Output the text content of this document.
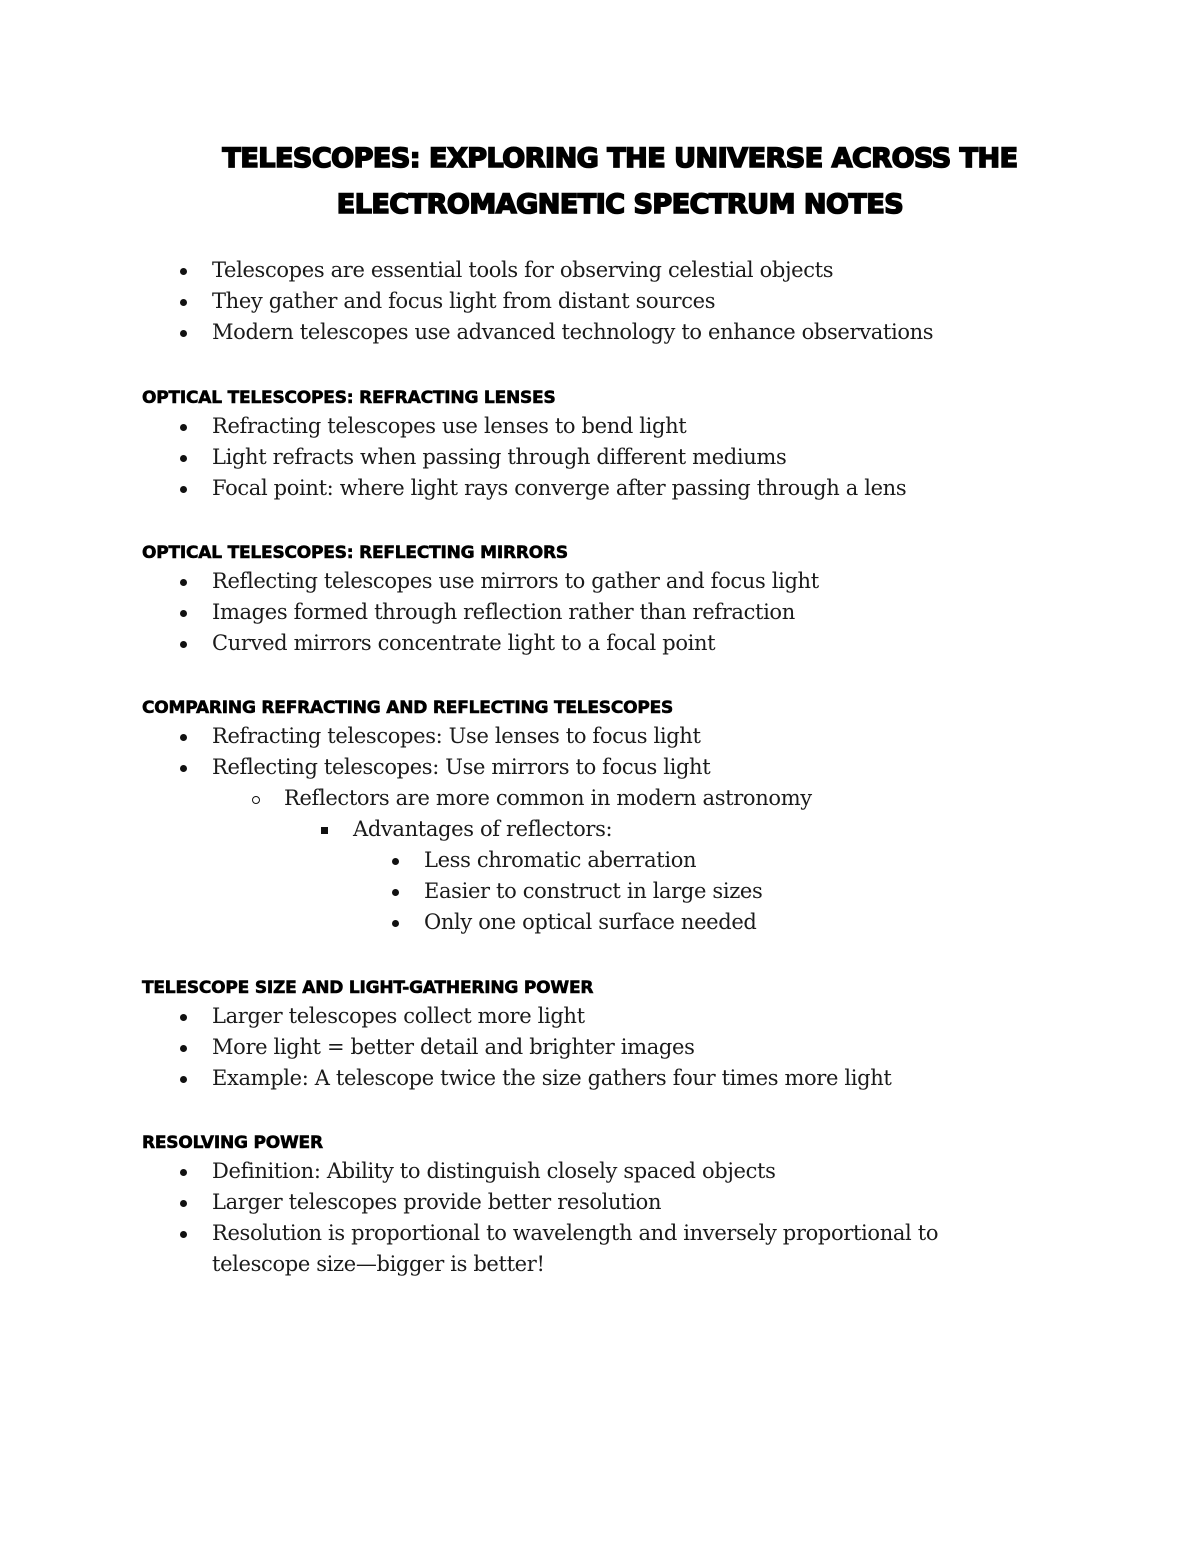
TELESCOPES: EXPLORING THE UNIVERSE ACROSS THE
ELECTROMAGNETIC SPECTRUM NOTES
Telescopes are essential tools for observing celestial objects
They gather and focus light from distant sources
Modern telescopes use advanced technology to enhance observations
OPTICAL TELESCOPES: REFRACTING LENSES
Refracting telescopes use lenses to bend light
Light refracts when passing through different mediums
Focal point: where light rays converge after passing through a lens
OPTICAL TELESCOPES: REFLECTING MIRRORS
Reflecting telescopes use mirrors to gather and focus light
Images formed through reflection rather than refraction
Curved mirrors concentrate light to a focal point
COMPARING REFRACTING AND REFLECTING TELESCOPES
Refracting telescopes: Use lenses to focus light
Reflecting telescopes: Use mirrors to focus light
Reflectors are more common in modern astronomy
Advantages of reflectors:
Less chromatic aberration
Easier to construct in large sizes
Only one optical surface needed
TELESCOPE SIZE AND LIGHT-GATHERING POWER
Larger telescopes collect more light
More light = better detail and brighter images
Example: A telescope twice the size gathers four times more light
RESOLVING POWER
Definition: Ability to distinguish closely spaced objects
Larger telescopes provide better resolution
Resolution is proportional to wavelength and inversely proportional to telescope size—bigger is better!
